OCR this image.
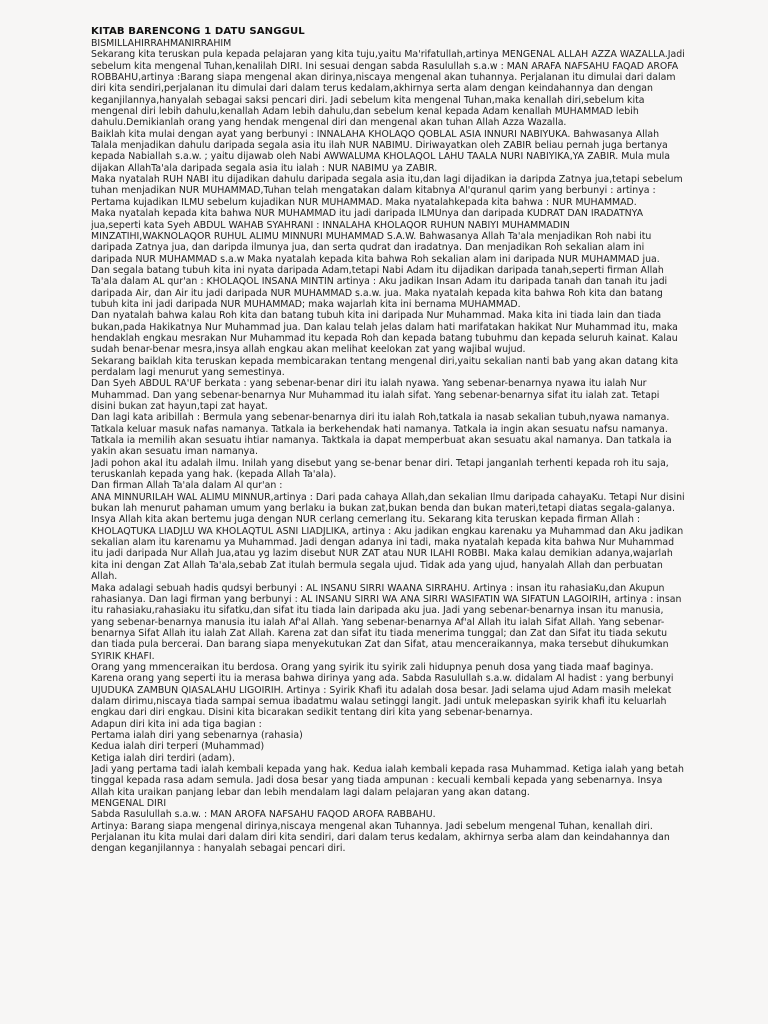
KITAB BARENCONG 1 DATU SANGGUL

BISMILLAHIRRAHMANIRRAHIM

Sekarang kita teruskan pula kepada pelajaran yang kita tuju,yaitu Ma'rifatullah,artinya MENGENAL ALLAH AZZA WAZALLA.Jadi sebelum kita mengenal Tuhan,kenalilah DIRI. Ini sesuai dengan sabda Rasulullah s.a.w : MAN ARAFA NAFSAHU FAQAD AROFA ROBBAHU,artinya :Barang siapa mengenal akan dirinya,niscaya mengenal akan tuhannya. Perjalanan itu dimulai dari dalam diri kita sendiri,perjalanan itu dimulai dari dalam terus kedalam,akhirnya serta alam dengan keindahannya dan dengan keganjilannya,hanyalah sebagai saksi pencari diri. Jadi sebelum kita mengenal Tuhan,maka kenallah diri,sebelum kita mengenal diri lebih dahulu,kenallah Adam lebih dahulu,dan sebelum kenal kepada Adam kenallah MUHAMMAD lebih dahulu.Demikianlah orang yang hendak mengenal diri dan mengenal akan tuhan Allah Azza Wazalla.

Baiklah kita mulai dengan ayat yang berbunyi : INNALAHA KHOLAQO QOBLAL ASIA INNURI NABIYUKA. Bahwasanya Allah Talala menjadikan dahulu daripada segala asia itu ilah NUR NABIMU. Diriwayatkan oleh ZABIR beliau pernah juga bertanya kepada Nabiallah s.a.w. ; yaitu dijawab oleh Nabi AWWALUMA KHOLAQOL LAHU TAALA NURI NABIYIKA,YA ZABIR. Mula mula dijakan AllahTa'ala daripada segala asia itu ialah : NUR NABIMU ya ZABIR.

Maka nyatalah RUH NABI itu dijadikan dahulu daripada segala asia itu,dan lagi dijadikan ia daripda Zatnya jua,tetapi sebelum tuhan menjadikan NUR MUHAMMAD,Tuhan telah mengatakan dalam kitabnya Al'quranul qarim yang berbunyi : artinya : Pertama kujadikan ILMU sebelum kujadikan NUR MUHAMMAD. Maka nyatalahkepada kita bahwa : NUR MUHAMMAD.

Maka nyatalah kepada kita bahwa NUR MUHAMMAD itu jadi daripada ILMUnya dan daripada KUDRAT DAN IRADATNYA jua,seperti kata Syeh ABDUL WAHAB SYAHRANI : INNALAHA KHOLAQOR RUHUN NABIYI MUHAMMADIN MINZATIHI,WAKNOLAQOR RUHUL ALIMU MINNURI MUHAMMAD S.A.W. Bahwasanya Allah Ta'ala menjadikan Roh nabi itu daripada Zatnya jua, dan daripda ilmunya jua, dan serta qudrat dan iradatnya. Dan menjadikan Roh sekalian alam ini daripada NUR MUHAMMAD s.a.w Maka nyatalah kepada kita bahwa Roh sekalian alam ini daripada NUR MUHAMMAD jua.

Dan segala batang tubuh kita ini nyata daripada Adam,tetapi Nabi Adam itu dijadikan daripada tanah,seperti firman Allah Ta'ala dalam AL qur'an : KHOLAQOL INSANA MINTIN artinya : Aku jadikan Insan Adam itu daripada tanah dan tanah itu jadi daripada Air, dan Air itu jadi daripada NUR MUHAMMAD s.a.w. jua. Maka nyatalah kepada kita bahwa Roh kita dan batang tubuh kita ini jadi daripada NUR MUHAMMAD; maka wajarlah kita ini bernama MUHAMMAD.

Dan nyatalah bahwa kalau Roh kita dan batang tubuh kita ini daripada Nur Muhammad. Maka kita ini tiada lain dan tiada bukan,pada Hakikatnya Nur Muhammad jua. Dan kalau telah jelas dalam hati marifatakan hakikat Nur Muhammad itu, maka hendaklah engkau mesrakan Nur Muhammad itu kepada Roh dan kepada batang tubuhmu dan kepada seluruh kainat. Kalau sudah benar-benar mesra,insya allah engkau akan melihat keelokan zat yang wajibal wujud.

Sekarang baiklah kita teruskan kepada membicarakan tentang mengenal diri,yaitu sekalian nanti bab yang akan datang kita perdalam lagi menurut yang semestinya.

Dan Syeh ABDUL RA'UF berkata : yang sebenar-benar diri itu ialah nyawa. Yang sebenar-benarnya nyawa itu ialah Nur Muhammad. Dan yang sebenar-benarnya Nur Muhammad itu ialah sifat. Yang sebenar-benarnya sifat itu ialah zat. Tetapi disini bukan zat hayun,tapi zat hayat.

Dan lagi kata aribillah : Bermula yang sebenar-benarnya diri itu ialah Roh,tatkala ia nasab sekalian tubuh,nyawa namanya. Tatkala keluar masuk nafas namanya. Tatkala ia berkehendak hati namanya. Tatkala ia ingin akan sesuatu nafsu namanya. Tatkala ia memilih akan sesuatu ihtiar namanya. Taktkala ia dapat memperbuat akan sesuatu akal namanya. Dan tatkala ia yakin akan sesuatu iman namanya.

Jadi pohon akal itu adalah ilmu. Inilah yang disebut yang se-benar benar diri. Tetapi janganlah terhenti kepada roh itu saja, teruskanlah kepada yang hak. (kepada Allah Ta'ala).

Dan firman Allah Ta'ala dalam Al qur'an :

ANA MINNURILAH WAL ALIMU MINNUR,artinya : Dari pada cahaya Allah,dan sekalian Ilmu daripada cahayaKu. Tetapi Nur disini bukan lah menurut pahaman umum yang berlaku ia bukan zat,bukan benda dan bukan materi,tetapi diatas segala-galanya. Insya Allah kita akan bertemu juga dengan NUR cerlang cemerlang itu. Sekarang kita teruskan kepada firman Allah : KHOLAQTUKA LIADJLU WA KHOLAQTUL ASNI LIADJLIKA, artinya : Aku jadikan engkau karenaku ya Muhammad dan Aku jadikan sekalian alam itu karenamu ya Muhammad. Jadi dengan adanya ini tadi, maka nyatalah kepada kita bahwa Nur Muhammad itu jadi daripada Nur Allah Jua,atau yg lazim disebut NUR ZAT atau NUR ILAHI ROBBI. Maka kalau demikian adanya,wajarlah kita ini dengan Zat Allah Ta'ala,sebab Zat itulah bermula segala ujud. Tidak ada yang ujud, hanyalah Allah dan perbuatan Allah.

Maka adalagi sebuah hadis qudsyi berbunyi : AL INSANU SIRRI WAANA SIRRAHU. Artinya : insan itu rahasiaKu,dan Akupun rahasianya. Dan lagi firman yang berbunyi : AL INSANU SIRRI WA ANA SIRRI WASIFATIN WA SIFATUN LAGOIRIH, artinya : insan itu rahasiaku,rahasiaku itu sifatku,dan sifat itu tiada lain daripada aku jua. Jadi yang sebenar-benarnya insan itu manusia, yang sebenar-benarnya manusia itu ialah Af'al Allah. Yang sebenar-benarnya Af'al Allah itu ialah Sifat Allah. Yang sebenar-benarnya Sifat Allah itu ialah Zat Allah. Karena zat dan sifat itu tiada menerima tunggal; dan Zat dan Sifat itu tiada sekutu dan tiada pula bercerai. Dan barang siapa menyekutukan Zat dan Sifat, atau menceraikannya, maka tersebut dihukumkan SYIRIK KHAFI.

Orang yang mmenceraikan itu berdosa. Orang yang syirik itu syirik zali hidupnya penuh dosa yang tiada maaf baginya. Karena orang yang seperti itu ia merasa bahwa dirinya yang ada. Sabda Rasulullah s.a.w. didalam Al hadist : yang berbunyi UJUDUKA ZAMBUN QIASALAHU LIGOIRIH. Artinya : Syirik Khafi itu adalah dosa besar. Jadi selama ujud Adam masih melekat dalam dirimu,niscaya tiada sampai semua ibadatmu walau setinggi langit. Jadi untuk melepaskan syirik khafi itu keluarlah engkau dari diri engkau. Disini kita bicarakan sedikit tentang diri kita yang sebenar-benarnya.

Adapun diri kita ini ada tiga bagian :

Pertama ialah diri yang sebenarnya (rahasia)

Kedua ialah diri terperi (Muhammad)

Ketiga ialah diri terdiri (adam).

Jadi yang pertama tadi ialah kembali kepada yang hak. Kedua ialah kembali kepada rasa Muhammad. Ketiga ialah yang betah tinggal kepada rasa adam semula. Jadi dosa besar yang tiada ampunan : kecuali kembali kepada yang sebenarnya. Insya Allah kita uraikan panjang lebar dan lebih mendalam lagi dalam pelajaran yang akan datang.

MENGENAL DIRI

Sabda Rasulullah s.a.w. : MAN AROFA NAFSAHU FAQOD AROFA RABBAHU.

Artinya: Barang siapa mengenal dirinya,niscaya mengenal akan Tuhannya. Jadi sebelum mengenal Tuhan, kenallah diri. Perjalanan itu kita mulai dari dalam diri kita sendiri, dari dalam terus kedalam, akhirnya serba alam dan keindahannya dan dengan keganjilannya : hanyalah sebagai pencari diri.
